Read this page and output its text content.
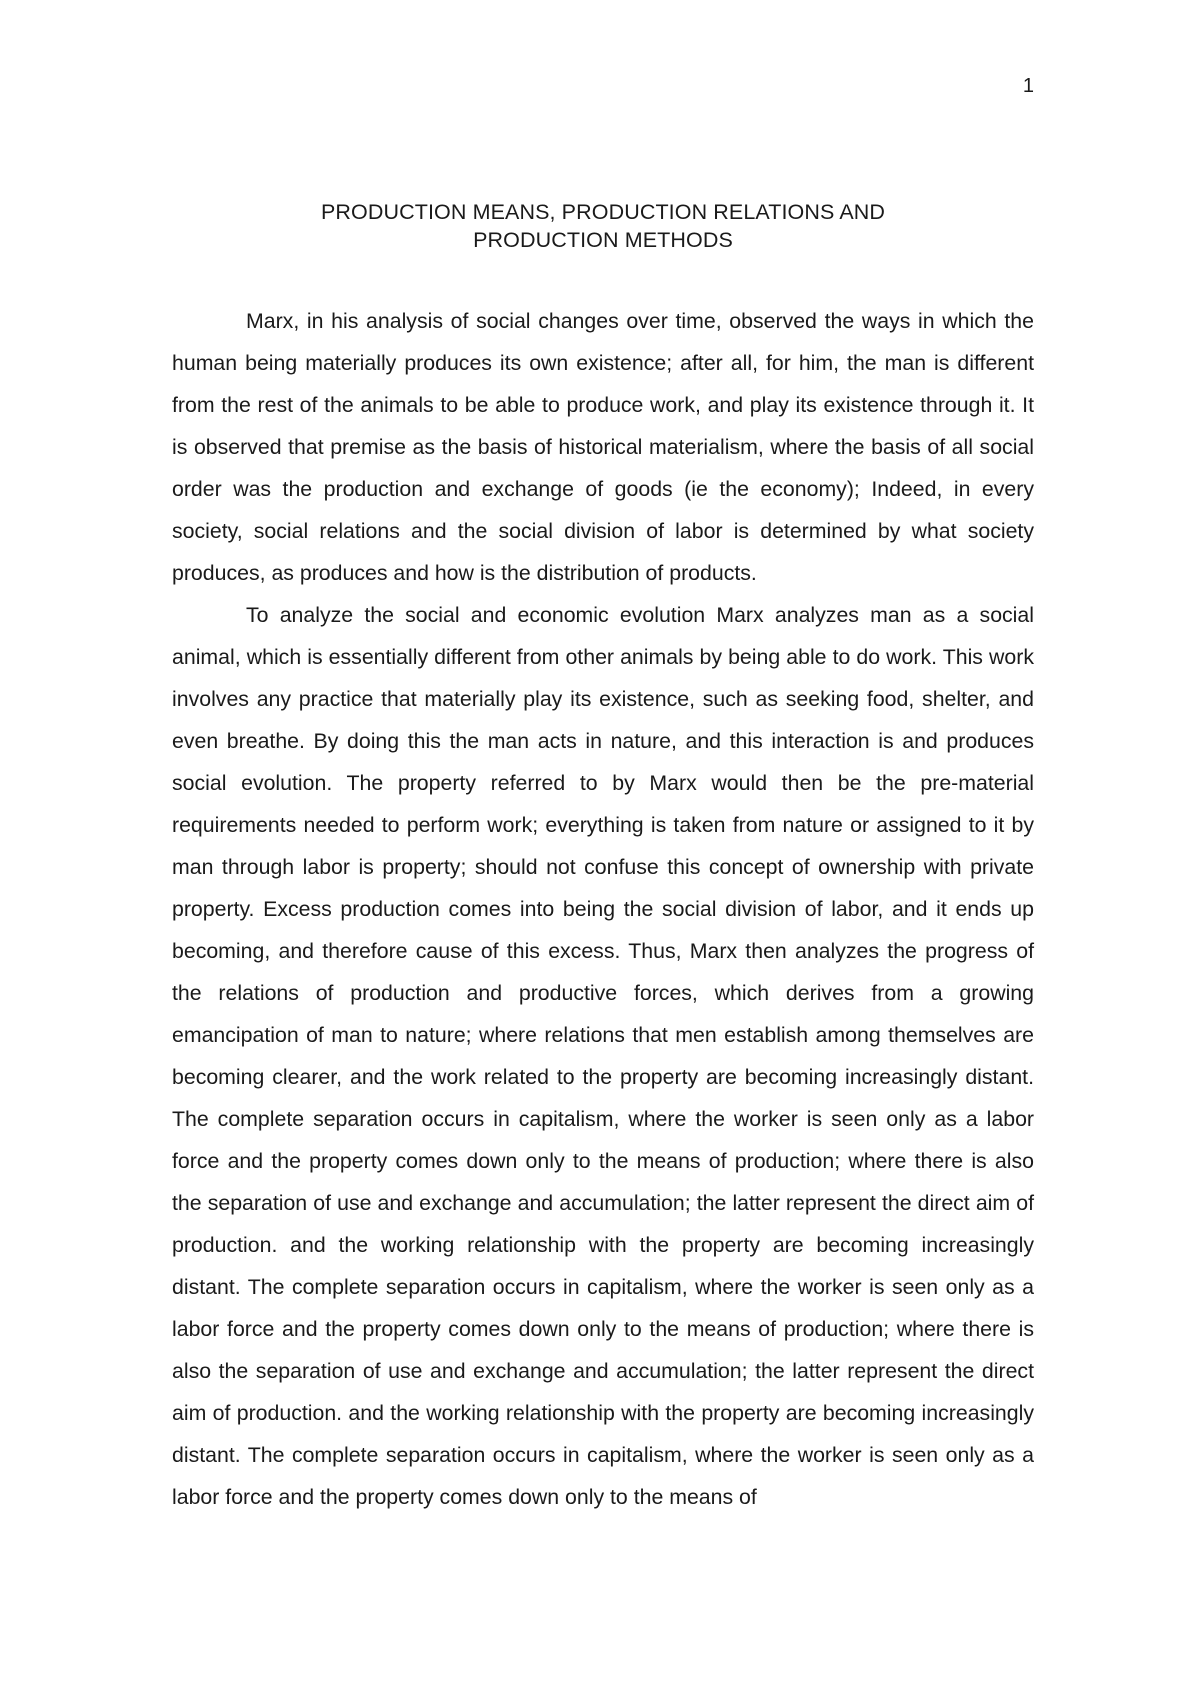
1
PRODUCTION MEANS, PRODUCTION RELATIONS AND
PRODUCTION METHODS

Marx, in his analysis of social changes over time, observed the ways in which the human being materially produces its own existence; after all, for him, the man is different from the rest of the animals to be able to produce work, and play its existence through it. It is observed that premise as the basis of historical materialism, where the basis of all social order was the production and exchange of goods (ie the economy); Indeed, in every society, social relations and the social division of labor is determined by what society produces, as produces and how is the distribution of products.

To analyze the social and economic evolution Marx analyzes man as a social animal, which is essentially different from other animals by being able to do work. This work involves any practice that materially play its existence, such as seeking food, shelter, and even breathe. By doing this the man acts in nature, and this interaction is and produces social evolution. The property referred to by Marx would then be the pre-material requirements needed to perform work; everything is taken from nature or assigned to it by man through labor is property; should not confuse this concept of ownership with private property. Excess production comes into being the social division of labor, and it ends up becoming, and therefore cause of this excess. Thus, Marx then analyzes the progress of the relations of production and productive forces, which derives from a growing emancipation of man to nature; where relations that men establish among themselves are becoming clearer, and the work related to the property are becoming increasingly distant. The complete separation occurs in capitalism, where the worker is seen only as a labor force and the property comes down only to the means of production; where there is also the separation of use and exchange and accumulation; the latter represent the direct aim of production. and the working relationship with the property are becoming increasingly distant. The complete separation occurs in capitalism, where the worker is seen only as a labor force and the property comes down only to the means of production; where there is also the separation of use and exchange and accumulation; the latter represent the direct aim of production. and the working relationship with the property are becoming increasingly distant. The complete separation occurs in capitalism, where the worker is seen only as a labor force and the property comes down only to the means of
